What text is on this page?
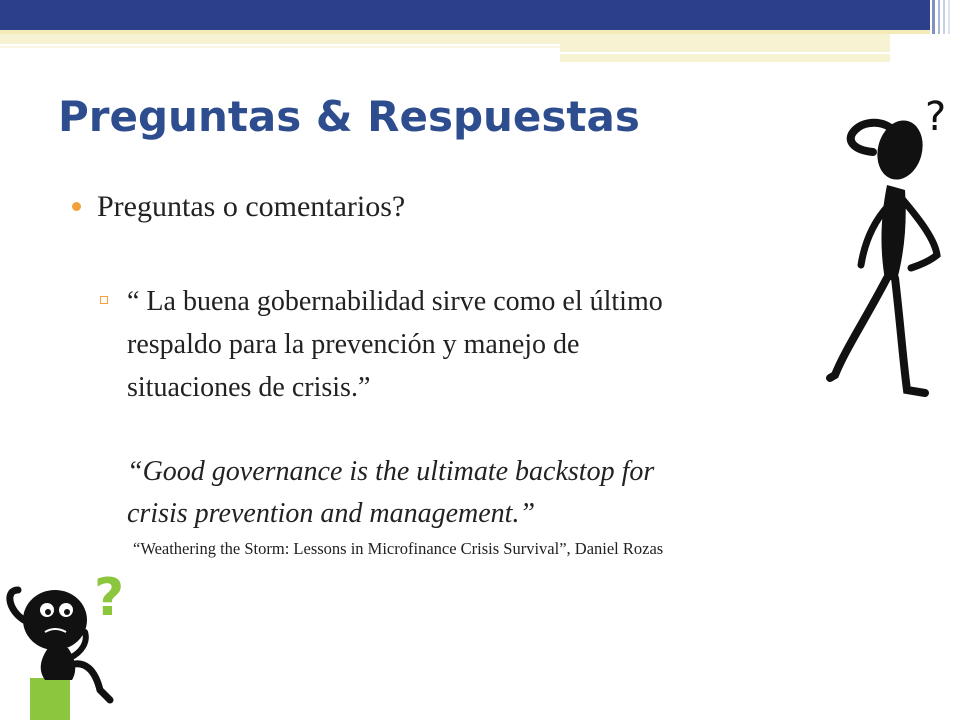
Preguntas & Respuestas
Preguntas o comentarios?
“ La buena gobernabilidad sirve como el último
respaldo para la prevención y manejo de
situaciones de crisis.”
“Good governance is the ultimate backstop for
crisis prevention and management.”
“Weathering the Storm: Lessons in Microfinance Crisis Survival”, Daniel Rozas
?
?
